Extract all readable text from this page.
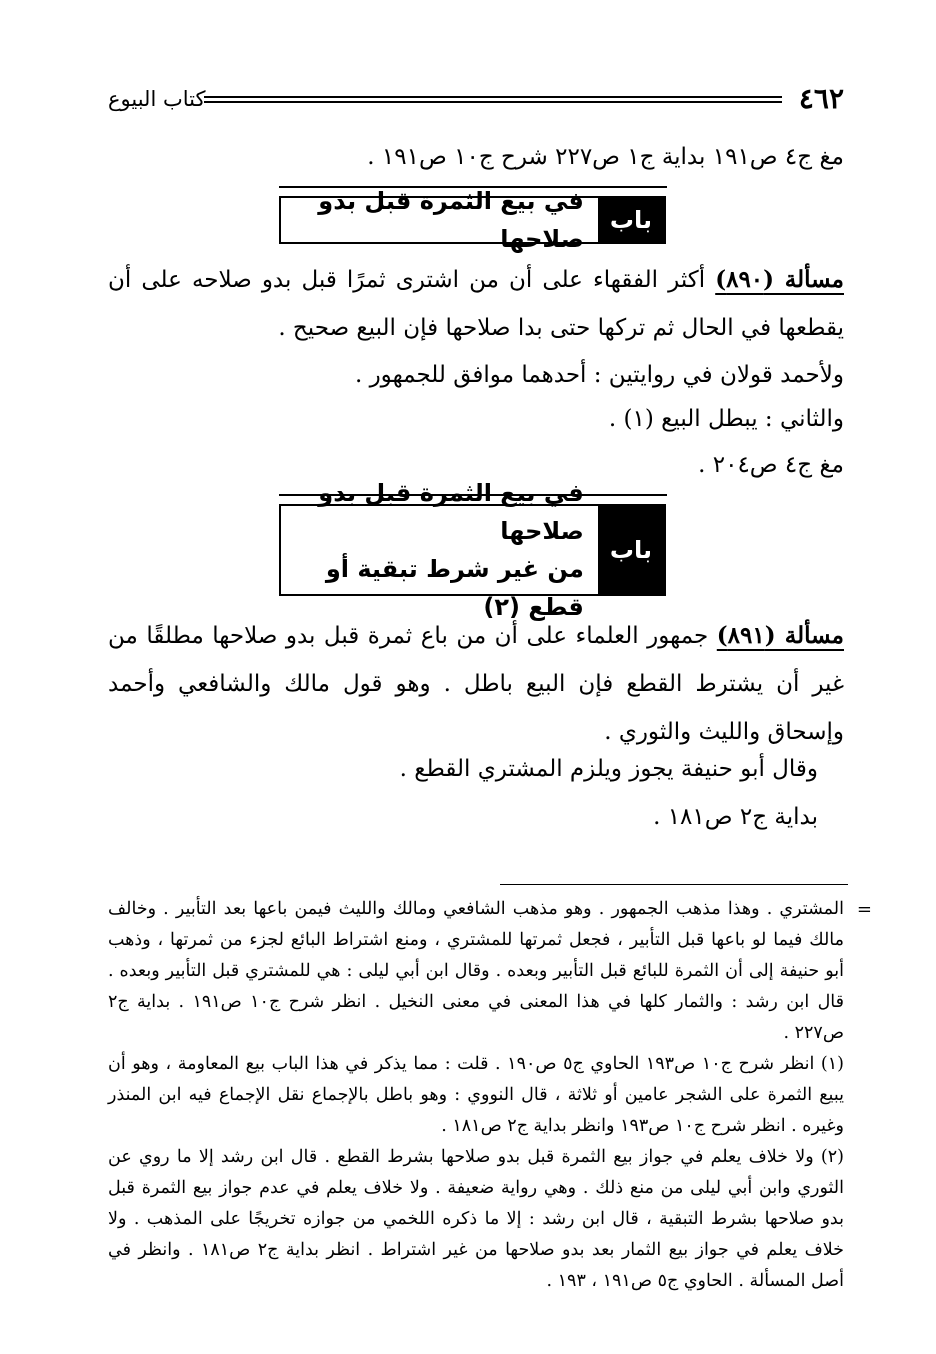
كتاب البيوع	٤٦٢
مغ ج٤ ص١٩١ بداية ج١ ص٢٢٧ شرح ج١٠ ص١٩١ .
باب
في بيع الثمرة قبل بدو صلاحها
مسألة (٨٩٠) أكثر الفقهاء على أن من اشترى ثمرًا قبل بدو صلاحه على أن يقطعها في الحال ثم تركها حتى بدا صلاحها فإن البيع صحيح .
ولأحمد قولان في روايتين : أحدهما موافق للجمهور .
والثاني : يبطل البيع (١) .
مغ ج٤ ص٢٠٤ .
باب
في بيع الثمرة قبل بدو صلاحها
من غير شرط تبقية أو قطع (٢)
مسألة (٨٩١) جمهور العلماء على أن من باع ثمرة قبل بدو صلاحها مطلقًا من غير أن يشترط القطع فإن البيع باطل . وهو قول مالك والشافعي وأحمد وإسحاق والليث والثوري .
وقال أبو حنيفة يجوز ويلزم المشتري القطع .
بداية ج٢ ص١٨١ .
=

المشتري . وهذا مذهب الجمهور . وهو مذهب الشافعي ومالك والليث فيمن باعها بعد التأبير . وخالف مالك فيما لو باعها قبل التأبير ، فجعل ثمرتها للمشتري ، ومنع اشتراط البائع لجزء من ثمرتها ، وذهب أبو حنيفة إلى أن الثمرة للبائع قبل التأبير وبعده . وقال ابن أبي ليلى : هي للمشتري قبل التأبير وبعده . قال ابن رشد : والثمار كلها في هذا المعنى في معنى النخيل . انظر شرح ج١٠ ص١٩١ . بداية ج٢ ص٢٢٧ .

(١) انظر شرح ج١٠ ص١٩٣ الحاوي ج٥ ص١٩٠ . قلت : مما يذكر في هذا الباب بيع المعاومة ، وهو أن يبيع الثمرة على الشجر عامين أو ثلاثة ، قال النووي : وهو باطل بالإجماع نقل الإجماع فيه ابن المنذر وغيره . انظر شرح ج١٠ ص١٩٣ وانظر بداية ج٢ ص١٨١ .

(٢) ولا خلاف يعلم في جواز بيع الثمرة قبل بدو صلاحها بشرط القطع . قال ابن رشد إلا ما روي عن الثوري وابن أبي ليلى من منع ذلك . وهي رواية ضعيفة . ولا خلاف يعلم في عدم جواز بيع الثمرة قبل بدو صلاحها بشرط التبقية ، قال ابن رشد : إلا ما ذكره اللخمي من جوازه تخريجًا على المذهب . ولا خلاف يعلم في جواز بيع الثمار بعد بدو صلاحها من غير اشتراط . انظر بداية ج٢ ص١٨١ . وانظر في أصل المسألة . الحاوي ج٥ ص١٩١ ، ١٩٣ .
